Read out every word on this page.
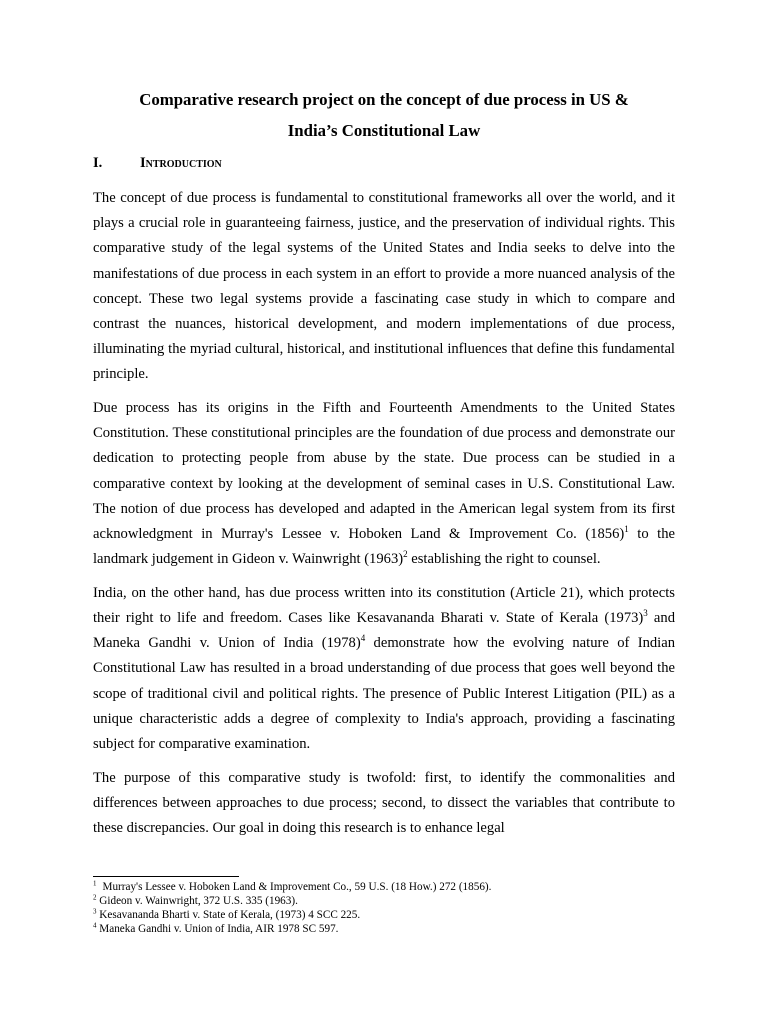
Comparative research project on the concept of due process in US &
India’s Constitutional Law
I.	Introduction

The concept of due process is fundamental to constitutional frameworks all over the world, and it plays a crucial role in guaranteeing fairness, justice, and the preservation of individual rights. This comparative study of the legal systems of the United States and India seeks to delve into the manifestations of due process in each system in an effort to provide a more nuanced analysis of the concept. These two legal systems provide a fascinating case study in which to compare and contrast the nuances, historical development, and modern implementations of due process, illuminating the myriad cultural, historical, and institutional influences that define this fundamental principle.

Due process has its origins in the Fifth and Fourteenth Amendments to the United States Constitution. These constitutional principles are the foundation of due process and demonstrate our dedication to protecting people from abuse by the state. Due process can be studied in a comparative context by looking at the development of seminal cases in U.S. Constitutional Law. The notion of due process has developed and adapted in the American legal system from its first acknowledgment in Murray's Lessee v. Hoboken Land & Improvement Co. $(1856)^1$ to the landmark judgement in Gideon v. Wainwright $(1963)^2$ establishing the right to counsel.

India, on the other hand, has due process written into its constitution (Article 21), which protects their right to life and freedom. Cases like Kesavananda Bharati v. State of Kerala $(1973)^3$ and Maneka Gandhi v. Union of India $(1978)^4$ demonstrate how the evolving nature of Indian Constitutional Law has resulted in a broad understanding of due process that goes well beyond the scope of traditional civil and political rights. The presence of Public Interest Litigation (PIL) as a unique characteristic adds a degree of complexity to India's approach, providing a fascinating subject for comparative examination.

The purpose of this comparative study is twofold: first, to identify the commonalities and differences between approaches to due process; second, to dissect the variables that contribute to these discrepancies. Our goal in doing this research is to enhance legal

$^1$ Murray's Lessee v. Hoboken Land & Improvement Co., 59 U.S. (18 How.) 272 (1856).
$^2$ Gideon v. Wainwright, 372 U.S. 335 (1963).
$^3$ Kesavananda Bharti v. State of Kerala, (1973) 4 SCC 225.
$^4$ Maneka Gandhi v. Union of India, AIR 1978 SC 597.
